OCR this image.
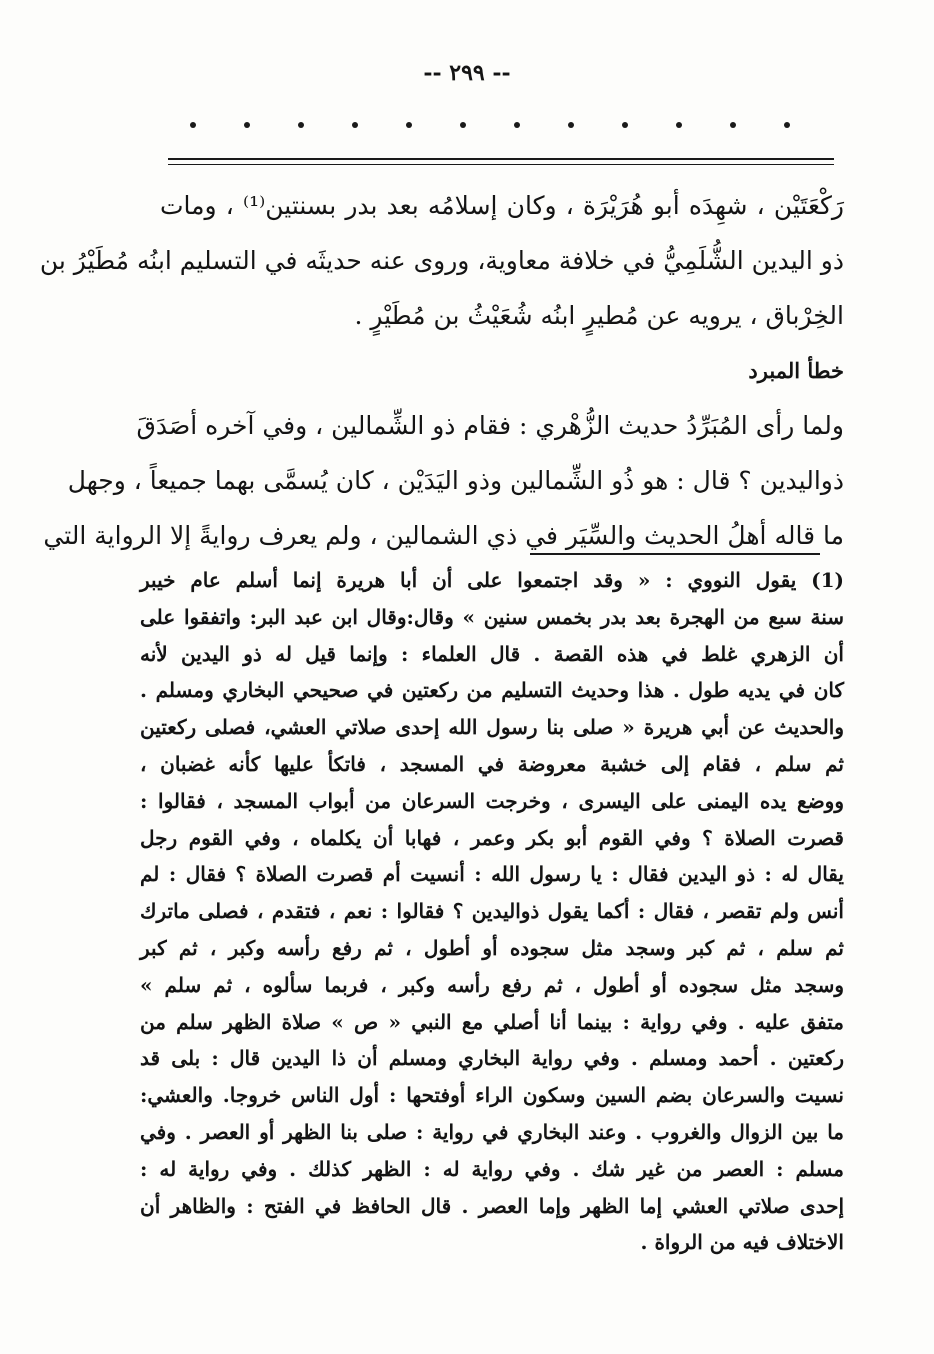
-- ٢٩٩ --
رَكْعَتَيْن ، شهِدَه أبو هُرَيْرَة ، وكان إسلامُه بعد بدر بسنتين⁽¹⁾ ، ومات
ذو اليدين الشُّلَمِيُّ في خلافة معاوية، وروى عنه حديثَه في التسليم ابنُه مُطَيْرُ بن
الخِرْباق ، يرويه عن مُطيرٍ ابنُه شُعَيْثُ بن مُطَيْرٍ .
خطأ المبرد
ولما رأى المُبَرِّدُ حديث الزُّهْري : فقام ذو الشِّمالين ، وفي آخره أصَدَقَ
ذواليدين ؟ قال : هو ذُو الشِّمالين وذو اليَدَيْن ، كان يُسمَّى بهما جميعاً ، وجهل
ما قاله أهلُ الحديث والسِّيَر في ذي الشمالين ، ولم يعرف روايةً إلا الرواية التي
(1) يقول النووي : « وقد اجتمعوا على أن أبا هريرة إنما أسلم عام خيبر
سنة سبع من الهجرة بعد بدر بخمس سنين » وقال:وقال ابن عبد البر: واتفقوا على
أن الزهري غلط في هذه القصة . قال العلماء : وإنما قيل له ذو اليدين لأنه
كان في يديه طول . هذا وحديث التسليم من ركعتين في صحيحي البخاري ومسلم .
والحديث عن أبي هريرة « صلى بنا رسول الله إحدى صلاتي العشي، فصلى ركعتين
ثم سلم ، فقام إلى خشبة معروضة في المسجد ، فاتكأ عليها كأنه غضبان ،
ووضع يده اليمنى على اليسرى ، وخرجت السرعان من أبواب المسجد ، فقالوا :
قصرت الصلاة ؟ وفي القوم أبو بكر وعمر ، فهابا أن يكلماه ، وفي القوم رجل
يقال له : ذو اليدين فقال : يا رسول الله : أنسيت أم قصرت الصلاة ؟ فقال : لم
أنس ولم تقصر ، فقال : أكما يقول ذواليدين ؟ فقالوا : نعم ، فتقدم ، فصلى ماترك
ثم سلم ، ثم كبر وسجد مثل سجوده أو أطول ، ثم رفع رأسه وكبر ، ثم كبر
وسجد مثل سجوده أو أطول ، ثم رفع رأسه وكبر ، فربما سألوه ، ثم سلم »
متفق عليه . وفي رواية : بينما أنا أصلي مع النبي « ص » صلاة الظهر سلم من
ركعتين . أحمد ومسلم . وفي رواية البخاري ومسلم أن ذا اليدين قال : بلى قد
نسيت والسرعان بضم السين وسكون الراء أوفتحها : أول الناس خروجا. والعشي:
ما بين الزوال والغروب . وعند البخاري في رواية : صلى بنا الظهر أو العصر . وفي
مسلم : العصر من غير شك . وفي رواية له : الظهر كذلك . وفي رواية له :
إحدى صلاتي العشي إما الظهر وإما العصر . قال الحافظ في الفتح : والظاهر أن
الاختلاف فيه من الرواة .
